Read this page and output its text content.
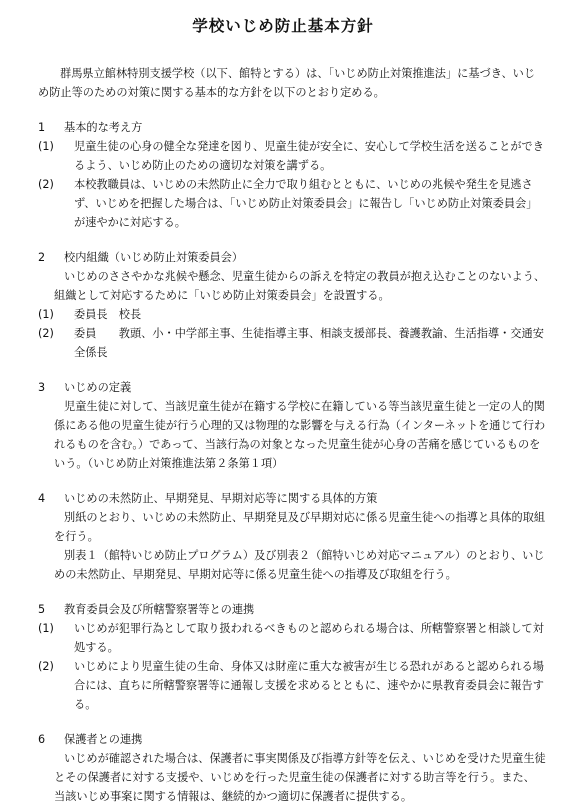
学校いじめ防止基本方針

群馬県立館林特別支援学校（以下、館特とする）は、「いじめ防止対策推進法」に基づき、いじめ防止等のための対策に関する基本的な方針を以下のとおり定める。

1	基本的な考え方
(1)	児童生徒の心身の健全な発達を図り、児童生徒が安全に、安心して学校生活を送ることができるよう、いじめ防止のための適切な対策を講ずる。
(2)	本校教職員は、いじめの未然防止に全力で取り組むとともに、いじめの兆候や発生を見逃さず、いじめを把握した場合は、「いじめ防止対策委員会」に報告し「いじめ防止対策委員会」が速やかに対応する。
2	校内組織（いじめ防止対策委員会）

いじめのささやかな兆候や懸念、児童生徒からの訴えを特定の教員が抱え込むことのないよう、組織として対応するために「いじめ防止対策委員会」を設置する。

(1)	委員長　校長
(2)	委員　　教頭、小・中学部主事、生徒指導主事、相談支援部長、養護教諭、生活指導・交通安全係長
3	いじめの定義

児童生徒に対して、当該児童生徒が在籍する学校に在籍している等当該児童生徒と一定の人的関係にある他の児童生徒が行う心理的又は物理的な影響を与える行為（インターネットを通じて行われるものを含む。）であって、当該行為の対象となった児童生徒が心身の苦痛を感じているものをいう。（いじめ防止対策推進法第２条第１項）

4	いじめの未然防止、早期発見、早期対応等に関する具体的方策

別紙のとおり、いじめの未然防止、早期発見及び早期対応に係る児童生徒への指導と具体的取組を行う。

別表１（館特いじめ防止プログラム）及び別表２（館特いじめ対応マニュアル）のとおり、いじめの未然防止、早期発見、早期対応等に係る児童生徒への指導及び取組を行う。

5	教育委員会及び所轄警察署等との連携
(1)	いじめが犯罪行為として取り扱われるべきものと認められる場合は、所轄警察署と相談して対処する。
(2)	いじめにより児童生徒の生命、身体又は財産に重大な被害が生じる恐れがあると認められる場合には、直ちに所轄警察署等に通報し支援を求めるとともに、速やかに県教育委員会に報告する。
6	保護者との連携

いじめが確認された場合は、保護者に事実関係及び指導方針等を伝え、いじめを受けた児童生徒とその保護者に対する支援や、いじめを行った児童生徒の保護者に対する助言等を行う。また、当該いじめ事案に関する情報は、継続的かつ適切に保護者に提供する。
